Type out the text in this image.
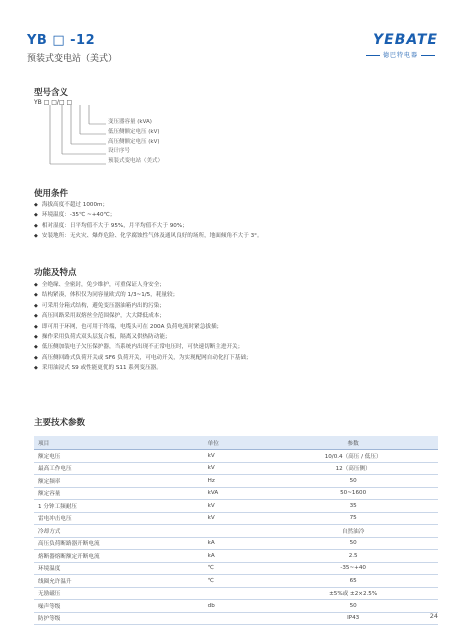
YB □ -12
预装式变电站（美式）
YEBATE
德巴特电器
型号含义
YB □ □/□ □
变压器容量 (kVA)
低压侧额定电压 (kV)
高压侧额定电压 (kV)
设计序号
预装式变电站（美式）
使用条件
◆ 海拔高度不超过 1000m；
◆ 环境温度：-35℃ ~+40℃；
◆ 相对湿度：日平均值不大于 95%，月平均值不大于 90%；
◆ 安装地所：无火灾、爆炸危险、化学腐蚀性气体及通风良好的场所，地面倾角不大于 3°。
功能及特点
◆ 全绝缘、全密封，免少维护，可重保证人身安全；
◆ 结构紧凑，体积仅为同容量欧式的 1/3~1/5，耗量较；
◆ 可采用分箱式结构，避免变压器油箱内出的污染；
◆ 高压回路采用双熔丝全范围保护，大大降低成本；
◆ 即可用于环网，也可用于终端，电缆头可在 200A 负荷电流时紧急拔插；
◆ 操作采用负荷式双头层复合板，隔离又供热防动能；
◆ 低压侧加装电子欠压保护器，当系统内出现不正常电压时，可快速切断主进开关；
◆ 高压侧回路式负荷开关或 SF6 负荷开关，可电动开关，为实现配网自动化打下基础；
◆ 采用油浸式 S9 或性能更优的 S11 系列变压器。
主要技术参数
项目	单位	参数
额定电压	kV	10/0.4（高压 / 低压）
最高工作电压	kV	12（高压侧）
额定频率	Hz	50
额定容量	kVA	50~1600
1 分钟工频耐压	kV	35
雷电冲击电压	kV	75
冷却方式		自然油冷
高压负荷断路器开断电流	kA	50
熔断器熔断额定开断电流	kA	2.5
环境温度	℃	-35~+40
线圈允许温升	℃	65
无励磁压		±5%或 ±2×2.5%
噪声等级	db	50
防护等级		IP43	24
